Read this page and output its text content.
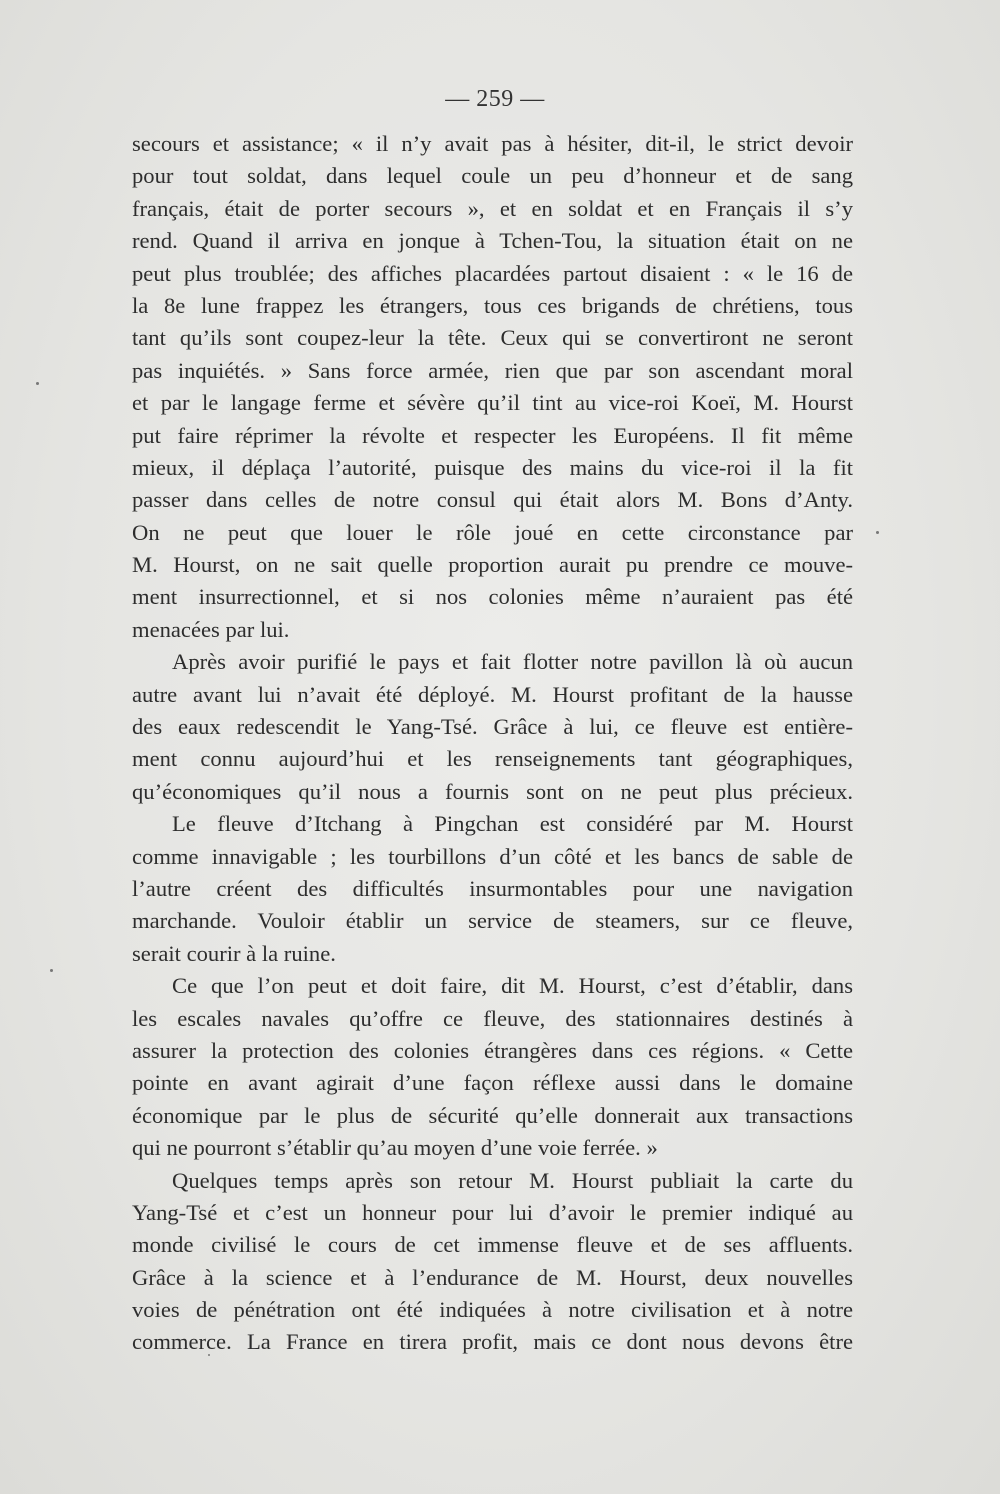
— 259 —
secours et assistance; « il n’y avait pas à hésiter, dit-il, le strict devoir
pour tout soldat, dans lequel coule un peu d’honneur et de sang
français, était de porter secours », et en soldat et en Français il s’y
rend. Quand il arriva en jonque à Tchen-Tou, la situation était on ne
peut plus troublée; des affiches placardées partout disaient : « le 16 de
la 8e lune frappez les étrangers, tous ces brigands de chrétiens, tous
tant qu’ils sont coupez-leur la tête. Ceux qui se convertiront ne seront
pas inquiétés. » Sans force armée, rien que par son ascendant moral
et par le langage ferme et sévère qu’il tint au vice-roi Koeï, M. Hourst
put faire réprimer la révolte et respecter les Européens. Il fit même
mieux, il déplaça l’autorité, puisque des mains du vice-roi il la fit
passer dans celles de notre consul qui était alors M. Bons d’Anty.
On ne peut que louer le rôle joué en cette circonstance par
M. Hourst, on ne sait quelle proportion aurait pu prendre ce mouve-
ment insurrectionnel, et si nos colonies même n’auraient pas été
menacées par lui.
Après avoir purifié le pays et fait flotter notre pavillon là où aucun
autre avant lui n’avait été déployé. M. Hourst profitant de la hausse
des eaux redescendit le Yang-Tsé. Grâce à lui, ce fleuve est entière-
ment connu aujourd’hui et les renseignements tant géographiques,
qu’économiques qu’il nous a fournis sont on ne peut plus précieux.
Le fleuve d’Itchang à Pingchan est considéré par M. Hourst
comme innavigable ; les tourbillons d’un côté et les bancs de sable de
l’autre créent des difficultés insurmontables pour une navigation
marchande. Vouloir établir un service de steamers, sur ce fleuve,
serait courir à la ruine.
Ce que l’on peut et doit faire, dit M. Hourst, c’est d’établir, dans
les escales navales qu’offre ce fleuve, des stationnaires destinés à
assurer la protection des colonies étrangères dans ces régions. « Cette
pointe en avant agirait d’une façon réflexe aussi dans le domaine
économique par le plus de sécurité qu’elle donnerait aux transactions
qui ne pourront s’établir qu’au moyen d’une voie ferrée. »
Quelques temps après son retour M. Hourst publiait la carte du
Yang-Tsé et c’est un honneur pour lui d’avoir le premier indiqué au
monde civilisé le cours de cet immense fleuve et de ses affluents.
Grâce à la science et à l’endurance de M. Hourst, deux nouvelles
voies de pénétration ont été indiquées à notre civilisation et à notre
commerce. La France en tirera profit, mais ce dont nous devons être
